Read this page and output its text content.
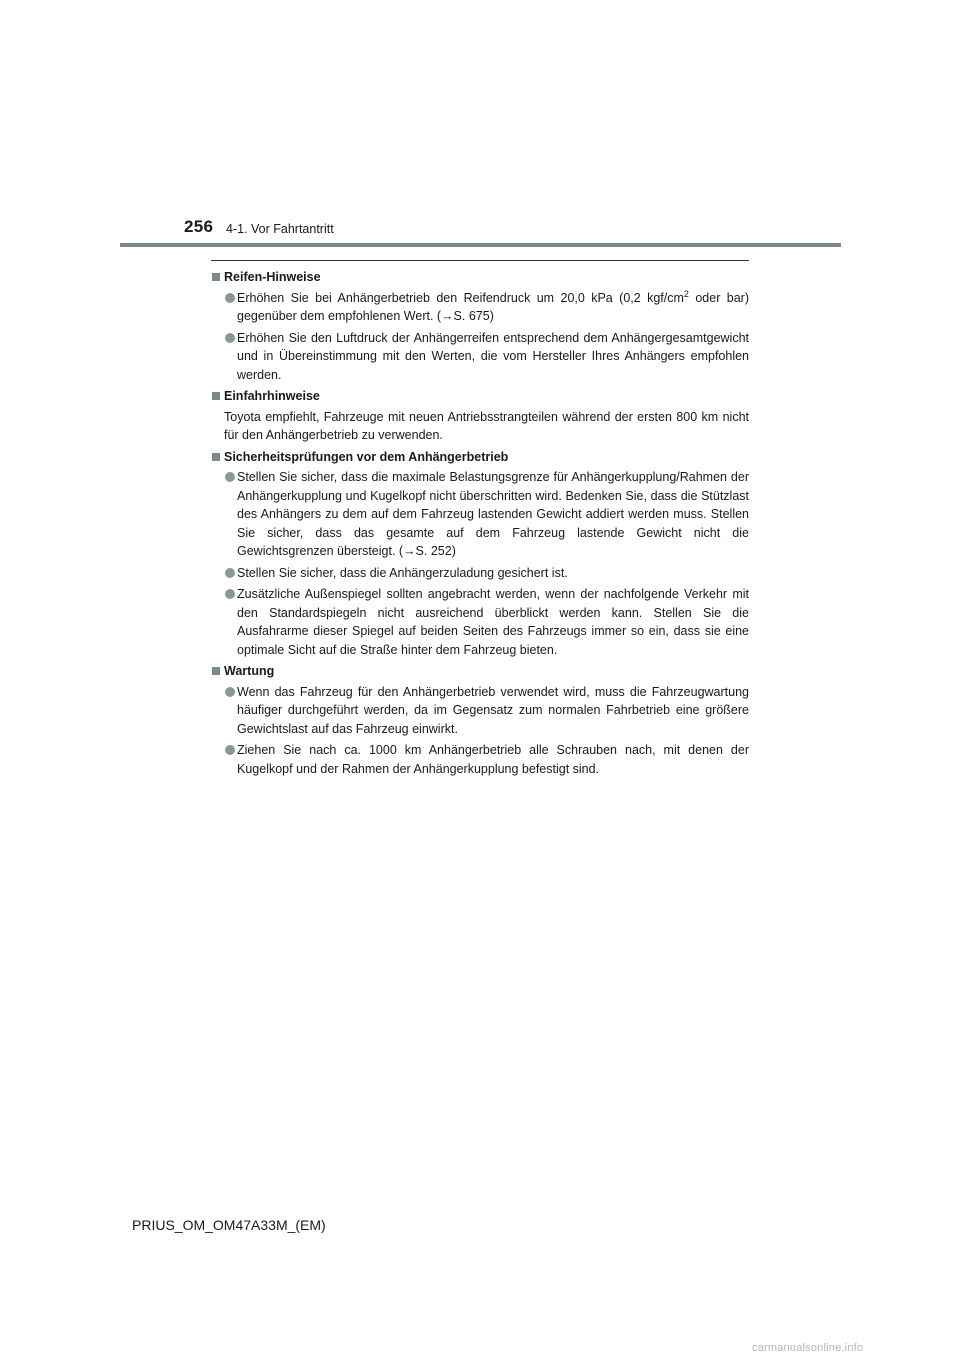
256 4-1. Vor Fahrtantritt
Reifen-Hinweise
Erhöhen Sie bei Anhängerbetrieb den Reifendruck um 20,0 kPa (0,2 kgf/$cm^2$ oder bar) gegenüber dem empfohlenen Wert. (→S. 675)
Erhöhen Sie den Luftdruck der Anhängerreifen entsprechend dem Anhängergesamtgewicht und in Übereinstimmung mit den Werten, die vom Hersteller Ihres Anhängers empfohlen werden.
Einfahrhinweise
Toyota empfiehlt, Fahrzeuge mit neuen Antriebsstrangteilen während der ersten 800 km nicht für den Anhängerbetrieb zu verwenden.
Sicherheitsprüfungen vor dem Anhängerbetrieb
Stellen Sie sicher, dass die maximale Belastungsgrenze für Anhängerkupplung/Rahmen der Anhängerkupplung und Kugelkopf nicht überschritten wird. Bedenken Sie, dass die Stützlast des Anhängers zu dem auf dem Fahrzeug lastenden Gewicht addiert werden muss. Stellen Sie sicher, dass das gesamte auf dem Fahrzeug lastende Gewicht nicht die Gewichtsgrenzen übersteigt. (→S. 252)
Stellen Sie sicher, dass die Anhängerzuladung gesichert ist.
Zusätzliche Außenspiegel sollten angebracht werden, wenn der nachfolgende Verkehr mit den Standardspiegeln nicht ausreichend überblickt werden kann. Stellen Sie die Ausfahrarme dieser Spiegel auf beiden Seiten des Fahrzeugs immer so ein, dass sie eine optimale Sicht auf die Straße hinter dem Fahrzeug bieten.
Wartung
Wenn das Fahrzeug für den Anhängerbetrieb verwendet wird, muss die Fahrzeugwartung häufiger durchgeführt werden, da im Gegensatz zum normalen Fahrbetrieb eine größere Gewichtslast auf das Fahrzeug einwirkt.
Ziehen Sie nach ca. 1000 km Anhängerbetrieb alle Schrauben nach, mit denen der Kugelkopf und der Rahmen der Anhängerkupplung befestigt sind.
PRIUS_OM_OM47A33M_(EM)
carmanualsonline.info
